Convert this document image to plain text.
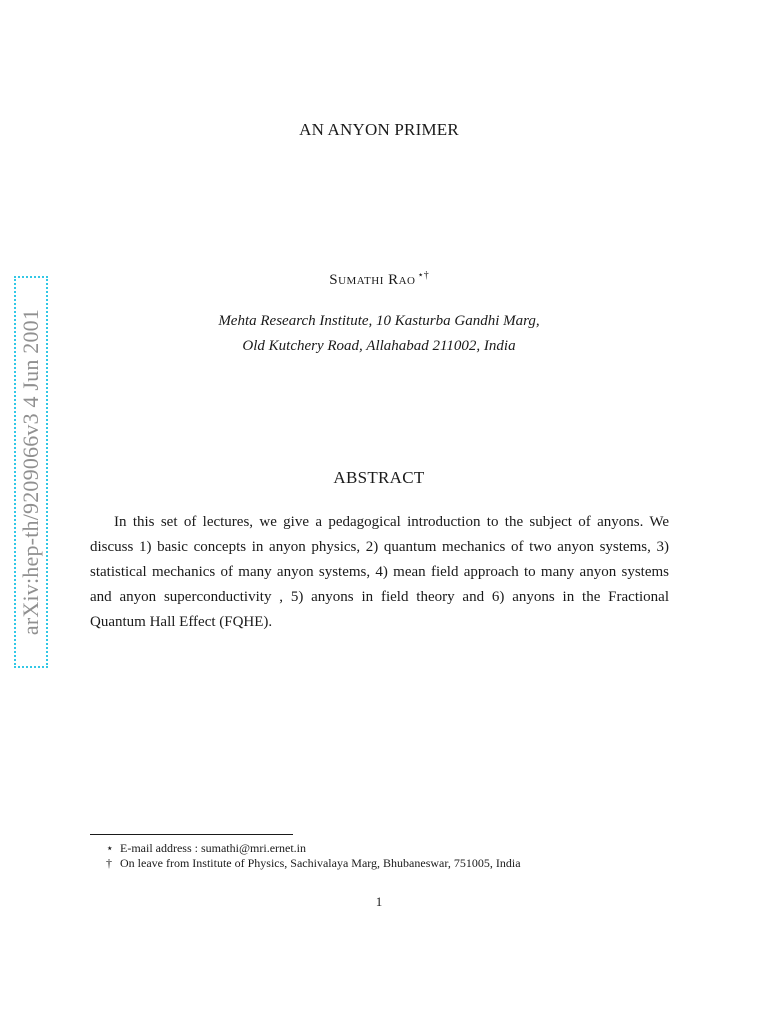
arXiv:hep-th/9209066v3 4 Jun 2001
AN ANYON PRIMER
Sumathi Rao ⋆†
Mehta Research Institute, 10 Kasturba Gandhi Marg,
Old Kutchery Road, Allahabad 211002, India
ABSTRACT

In this set of lectures, we give a pedagogical introduction to the subject of anyons. We discuss 1) basic concepts in anyon physics, 2) quantum mechanics of two anyon systems, 3) statistical mechanics of many anyon systems, 4) mean field approach to many anyon systems and anyon superconductivity , 5) anyons in field theory and 6) anyons in the Fractional Quantum Hall Effect (FQHE).

⋆ E-mail address : sumathi@mri.ernet.in
† On leave from Institute of Physics, Sachivalaya Marg, Bhubaneswar, 751005, India
1
